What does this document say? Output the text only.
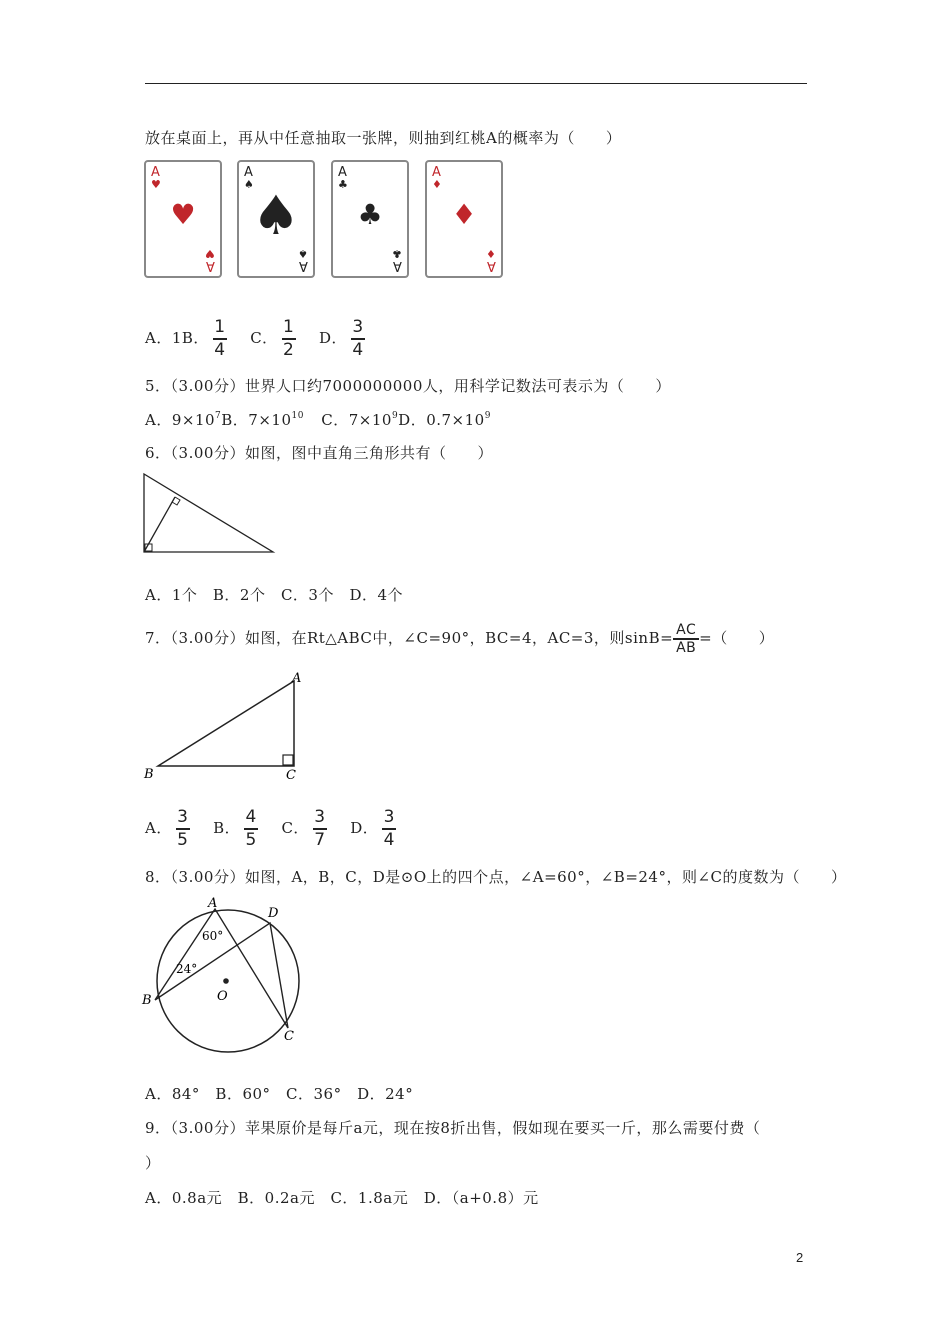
放在桌面上，再从中任意抽取一张牌，则抽到红桃A的概率为（　　）
A
♥
♥
♥
A
A
♠
♠
♠
A
A
♣
♣
♣
A
A
♦
♦
♦
A
A．1B． $\frac{1}{4}$ C． $\frac{1}{2}$ D． $\frac{3}{4}$
5．（3.00分）世界人口约7000000000人，用科学记数法可表示为（　　）
A．$9\times 10^7B$．$7\times 10^{10}$ C．$7\times 10^9D$．$0.7\times 10^9$
6．（3.00分）如图，图中直角三角形共有（　　）
A．1个　B．2个　C．3个　D．4个
7．（3.00分）如图，在Rt△ABC中，∠C=90°，BC=4，AC=3，则$\sin B= \frac{AC}{AB}$ =（　　）
A
B	C
A． $\frac{3}{5}$ B． $\frac{4}{5}$ C． $\frac{3}{7}$ D． $\frac{3}{4}$
8．（3.00分）如图，A，B，C，D是⊙O上的四个点，∠A=60°，∠B=24°，则∠C的度数为（　　）
A
D
B
C
O
60°
24°
A．84°　B．60°　C．36°　D．24°
9．（3.00分）苹果原价是每斤a元，现在按8折出售，假如现在要买一斤，那么需要付费（
）
A．0.8a元　B．0.2a元　C．1.8a元　D．（a+0.8）元
2
